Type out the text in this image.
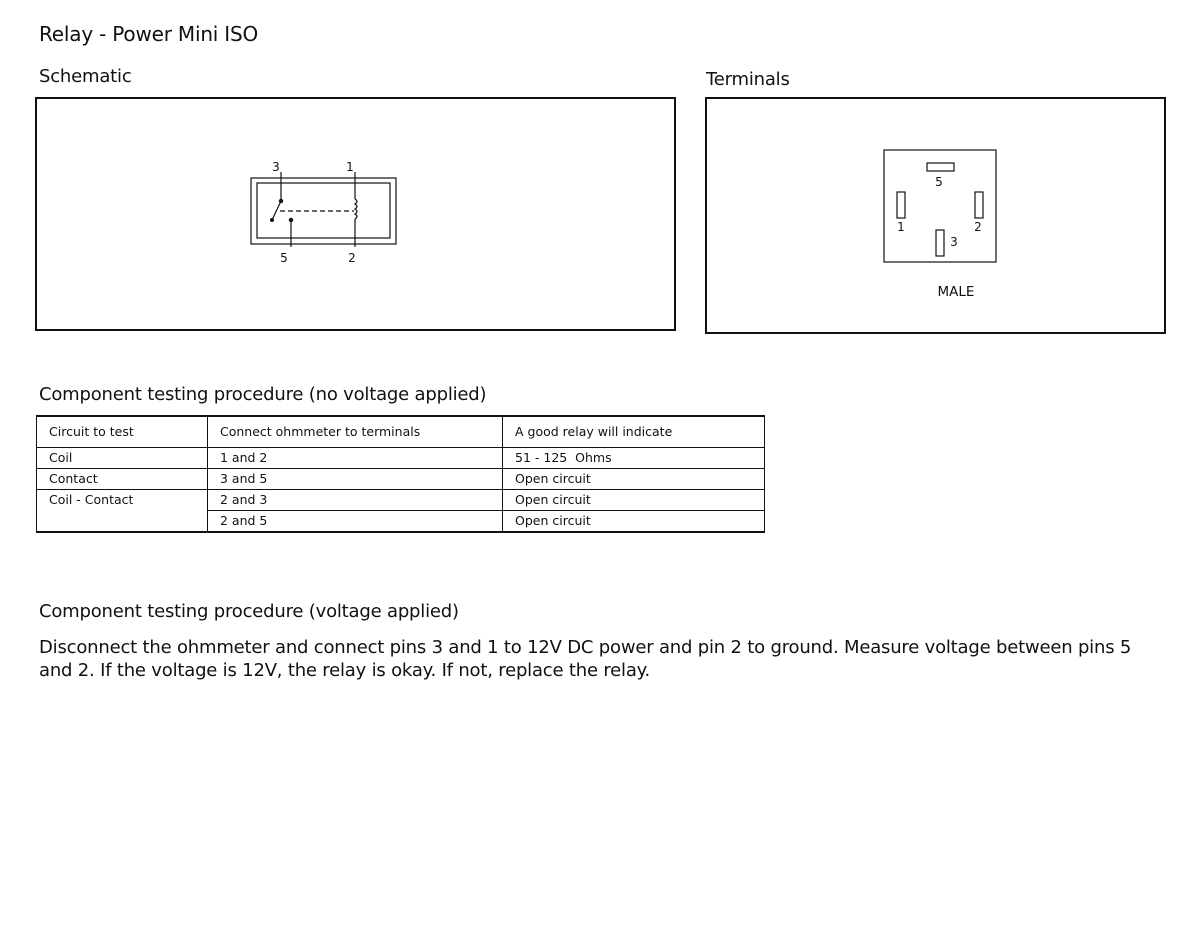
Relay - Power Mini ISO
Schematic	Terminals
3	1
5	2
5
1	2
3
MALE
Component testing procedure (no voltage applied)
Circuit to test	Connect ohmmeter to terminals	A good relay will indicate
Coil	1 and 2	51 - 125  Ohms
Contact	3 and 5	Open circuit
Coil - Contact	2 and 3	Open circuit
	2 and 5	Open circuit
Component testing procedure (voltage applied)
Disconnect the ohmmeter and connect pins 3 and 1 to 12V DC power and pin 2 to ground. Measure voltage between pins 5 and 2. If the voltage is 12V, the relay is okay. If not, replace the relay.
